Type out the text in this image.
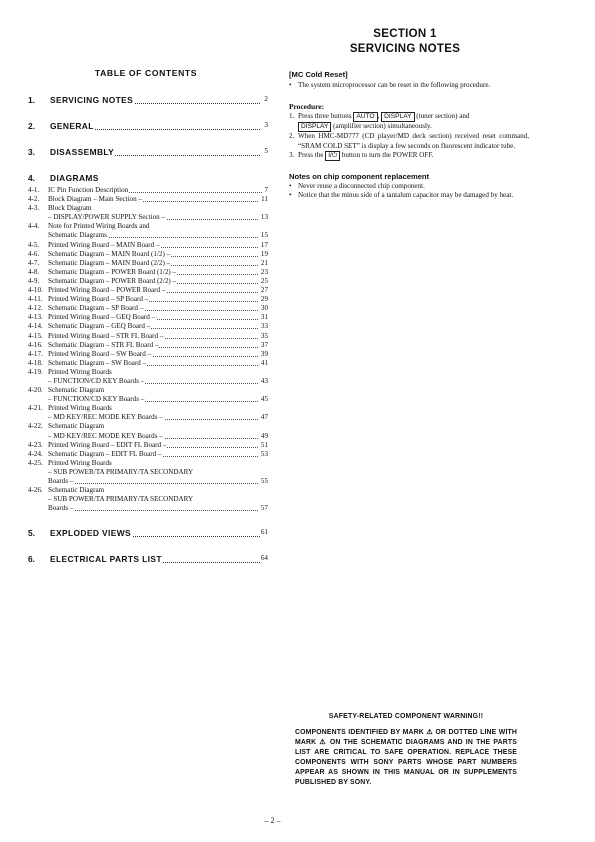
SECTION 1
SERVICING NOTES
TABLE OF CONTENTS
1. SERVICING NOTES	2
2. GENERAL	3
3. DISASSEMBLY	5
4. DIAGRAMS
4-1. IC Pin Function Description	7
4-2. Block Diagram – Main Section –	11
4-3. Block Diagram
– DISPLAY/POWER SUPPLY Section –	13
4-4. Note for Printed Wiring Boards and
Schematic Diagrams	15
4-5. Printed Wiring Board – MAIN Board –	17
4-6. Schematic Diagram – MAIN Board (1/2) –	19
4-7. Schematic Diagram – MAIN Board (2/2) –	21
4-8. Schematic Diagram – POWER Board (1/2) –	23
4-9. Schematic Diagram – POWER Board (2/2) –	25
4-10. Printed Wiring Board – POWER Board –	27
4-11. Printed Wiring Board – SP Board –	29
4-12. Schematic Diagram – SP Board –	30
4-13. Printed Wiring Board – GEQ Board –	31
4-14. Schematic Diagram – GEQ Board –	33
4-15. Printed Wiring Board – STR FL Board –	35
4-16. Schematic Diagram – STR FL Board –	37
4-17. Printed Wiring Board – SW Board –	39
4-18. Schematic Diagram – SW Board –	41
4-19. Printed Wiring Boards
– FUNCTION/CD KEY Boards –	43
4-20. Schematic Diagram
– FUNCTION/CD KEY Boards –	45
4-21. Printed Wiring Boards
– MD KEY/REC MODE KEY Boards –	47
4-22. Schematic Diagram
– MD KEY/REC MODE KEY Boards –	49
4-23. Printed Wiring Board – EDIT FL Board –	51
4-24. Schematic Diagram – EDIT FL Board –	53
4-25. Printed Wiring Boards
– SUB POWER/TA PRIMARY/TA SECONDARY
Boards –	55
4-26. Schematic Diagram
– SUB POWER/TA PRIMARY/TA SECONDARY
Boards –	57
5. EXPLODED VIEWS	61
6. ELECTRICAL PARTS LIST	64
[MC Cold Reset]
• The system microprocessor can be reset in the following procedure.
Procedure:
1. Press three buttons AUTO , DISPLAY (tuner section) and
DISPLAY (amplifier section) simultaneously.
2. When HMC-MD777 (CD player/MD deck section) received reset command, “SRAM COLD SET” is display a few seconds on fluorescent indicator tube.
3. Press the I/⏻ button to turn the POWER OFF.
Notes on chip component replacement
• Never reuse a disconnected chip component.
• Notice that the minus side of a tantalum capacitor may be damaged by heat.
SAFETY-RELATED COMPONENT WARNING!!
COMPONENTS IDENTIFIED BY MARK ⚠ OR DOTTED LINE WITH MARK ⚠ ON THE SCHEMATIC DIAGRAMS AND IN THE PARTS LIST ARE CRITICAL TO SAFE OPERATION. REPLACE THESE COMPONENTS WITH SONY PARTS WHOSE PART NUMBERS APPEAR AS SHOWN IN THIS MANUAL OR IN SUPPLEMENTS PUBLISHED BY SONY.
– 2 –
